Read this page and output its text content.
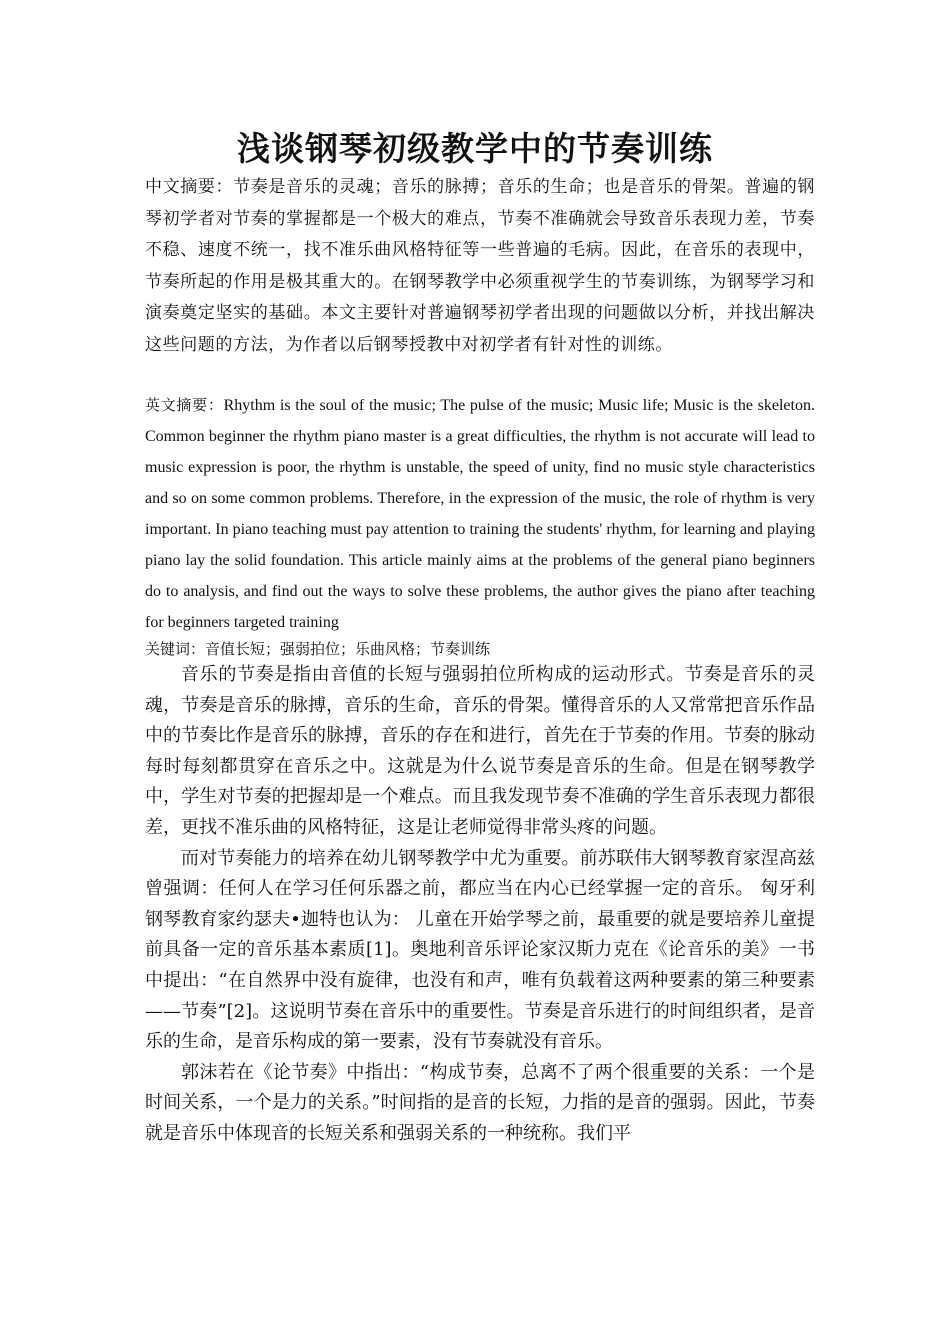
浅谈钢琴初级教学中的节奏训练
中文摘要：节奏是音乐的灵魂；音乐的脉搏；音乐的生命；也是音乐的骨架。普遍的钢琴初学者对节奏的掌握都是一个极大的难点，节奏不准确就会导致音乐表现力差，节奏不稳、速度不统一，找不准乐曲风格特征等一些普遍的毛病。因此，在音乐的表现中，节奏所起的作用是极其重大的。在钢琴教学中必须重视学生的节奏训练，为钢琴学习和演奏奠定坚实的基础。本文主要针对普遍钢琴初学者出现的问题做以分析，并找出解决这些问题的方法，为作者以后钢琴授教中对初学者有针对性的训练。
英文摘要：Rhythm is the soul of the music; The pulse of the music; Music life; Music is the skeleton. Common beginner the rhythm piano master is a great difficulties, the rhythm is not accurate will lead to music expression is poor, the rhythm is unstable, the speed of unity, find no music style characteristics and so on some common problems. Therefore, in the expression of the music, the role of rhythm is very important. In piano teaching must pay attention to training the students' rhythm, for learning and playing piano lay the solid foundation. This article mainly aims at the problems of the general piano beginners do to analysis, and find out the ways to solve these problems, the author gives the piano after teaching for beginners targeted training
关键词：音值长短；强弱拍位；乐曲风格；节奏训练

音乐的节奏是指由音值的长短与强弱拍位所构成的运动形式。节奏是音乐的灵魂，节奏是音乐的脉搏，音乐的生命，音乐的骨架。懂得音乐的人又常常把音乐作品中的节奏比作是音乐的脉搏，音乐的存在和进行，首先在于节奏的作用。节奏的脉动每时每刻都贯穿在音乐之中。这就是为什么说节奏是音乐的生命。但是在钢琴教学中，学生对节奏的把握却是一个难点。而且我发现节奏不准确的学生音乐表现力都很差，更找不准乐曲的风格特征，这是让老师觉得非常头疼的问题。

而对节奏能力的培养在幼儿钢琴教学中尤为重要。前苏联伟大钢琴教育家涅高兹曾强调：任何人在学习任何乐器之前，都应当在内心已经掌握一定的音乐。 匈牙利钢琴教育家约瑟夫•迦特也认为： 儿童在开始学琴之前，最重要的就是要培养儿童提前具备一定的音乐基本素质[1]。奥地利音乐评论家汉斯力克在《论音乐的美》一书中提出：“在自然界中没有旋律，也没有和声，唯有负载着这两种要素的第三种要素——节奏”[2]。这说明节奏在音乐中的重要性。节奏是音乐进行的时间组织者，是音乐的生命，是音乐构成的第一要素，没有节奏就没有音乐。

郭沫若在《论节奏》中指出：“构成节奏，总离不了两个很重要的关系：一个是时间关系，一个是力的关系。”时间指的是音的长短，力指的是音的强弱。因此，节奏就是音乐中体现音的长短关系和强弱关系的一种统称。我们平
